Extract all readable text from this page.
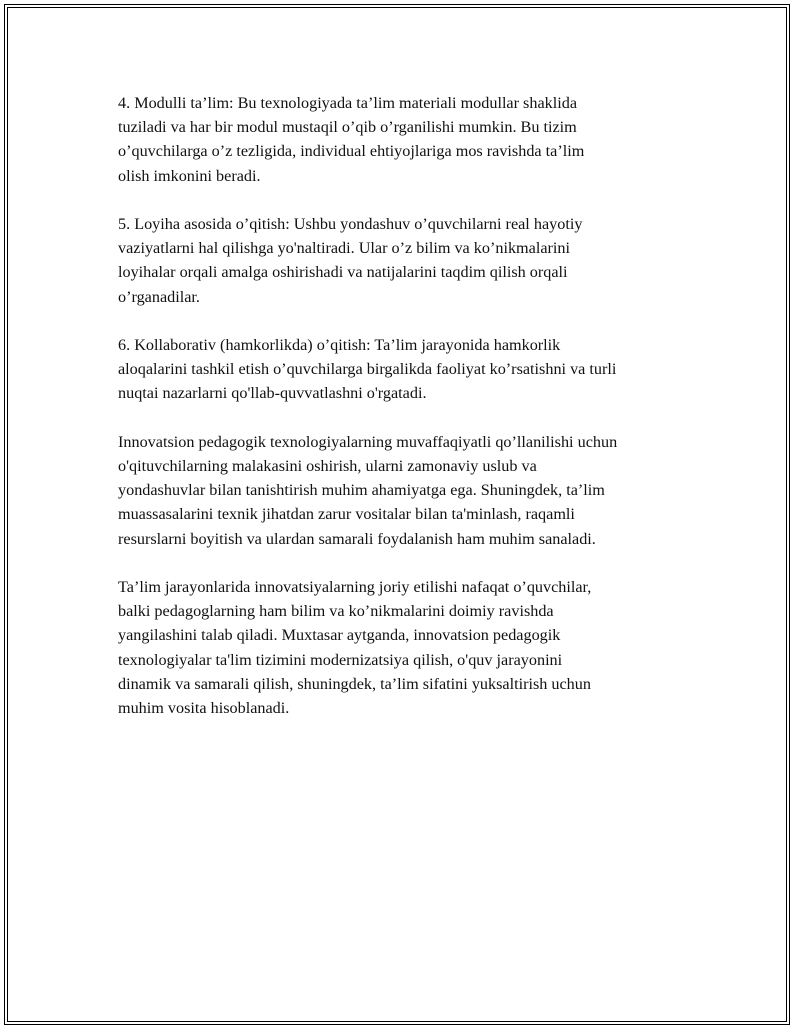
4. Modulli ta’lim: Bu texnologiyada ta’lim materiali modullar shaklida
tuziladi va har bir modul mustaqil o’qib o’rganilishi mumkin. Bu tizim
o’quvchilarga o’z tezligida, individual ehtiyojlariga mos ravishda ta’lim
olish imkonini beradi.

5. Loyiha asosida o’qitish: Ushbu yondashuv o’quvchilarni real hayotiy
vaziyatlarni hal qilishga yo'naltiradi. Ular o’z bilim va ko’nikmalarini
loyihalar orqali amalga oshirishadi va natijalarini taqdim qilish orqali
o’rganadilar.

6. Kollaborativ (hamkorlikda) o’qitish: Ta’lim jarayonida hamkorlik
aloqalarini tashkil etish o’quvchilarga birgalikda faoliyat ko’rsatishni va turli
nuqtai nazarlarni qo'llab-quvvatlashni o'rgatadi.

Innovatsion pedagogik texnologiyalarning muvaffaqiyatli qo’llanilishi uchun
o'qituvchilarning malakasini oshirish, ularni zamonaviy uslub va
yondashuvlar bilan tanishtirish muhim ahamiyatga ega. Shuningdek, ta’lim
muassasalarini texnik jihatdan zarur vositalar bilan ta'minlash, raqamli
resurslarni boyitish va ulardan samarali foydalanish ham muhim sanaladi.

Ta’lim jarayonlarida innovatsiyalarning joriy etilishi nafaqat o’quvchilar,
balki pedagoglarning ham bilim va ko’nikmalarini doimiy ravishda
yangilashini talab qiladi. Muxtasar aytganda, innovatsion pedagogik
texnologiyalar ta'lim tizimini modernizatsiya qilish, o'quv jarayonini
dinamik va samarali qilish, shuningdek, ta’lim sifatini yuksaltirish uchun
muhim vosita hisoblanadi.
